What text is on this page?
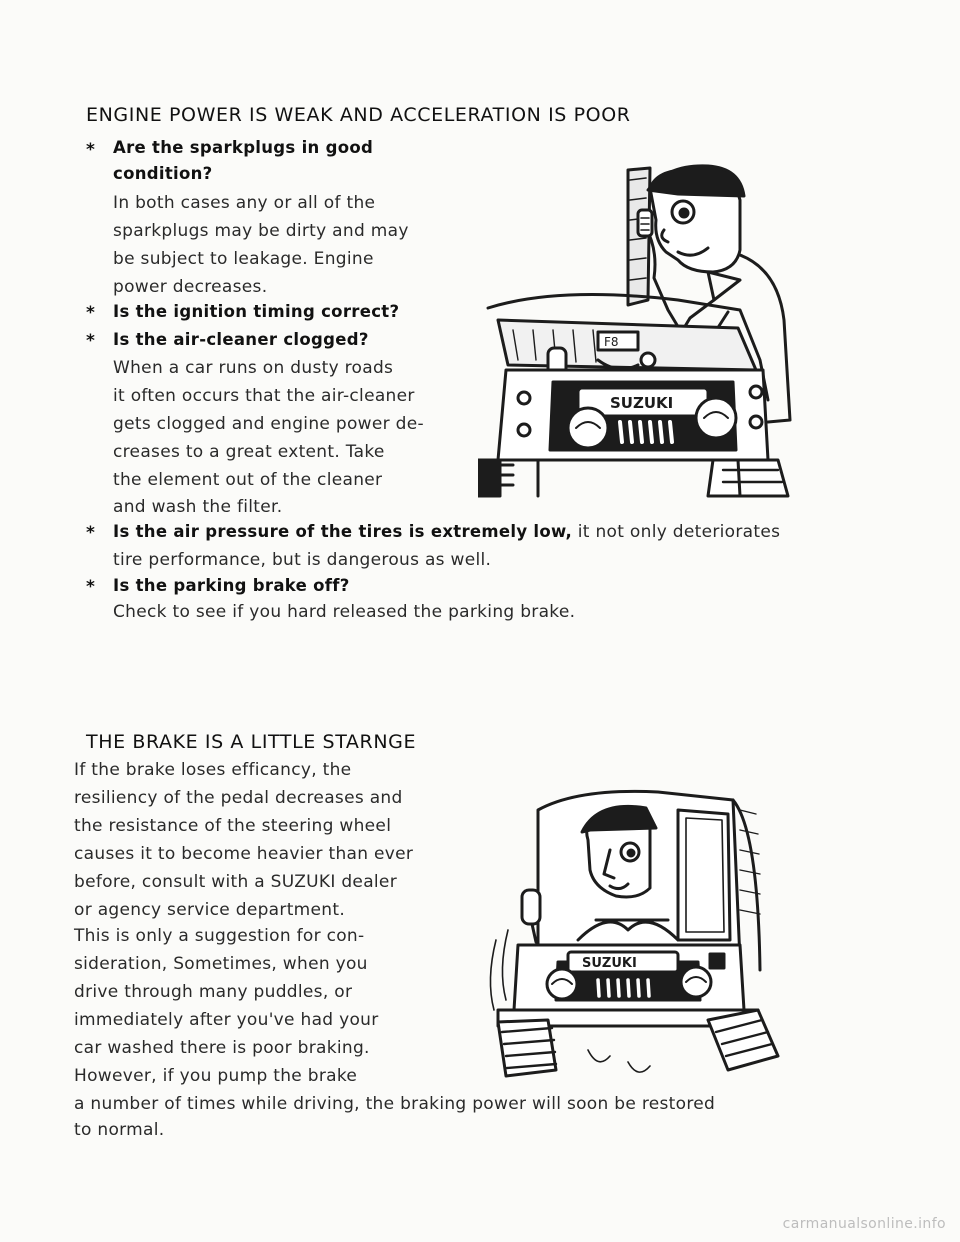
ENGINE POWER IS WEAK AND ACCELERATION IS POOR
* Are the sparkplugs in good
condition?
In both cases any or all of the
sparkplugs may be dirty and may
be subject to leakage. Engine
power decreases.
* Is the ignition timing correct?
* Is the air-cleaner clogged?
When a car runs on dusty roads
it often occurs that the air-cleaner
gets clogged and engine power de-
creases to a great extent. Take
the element out of the cleaner
and wash the filter.
* Is the air pressure of the tires is extremely low, it not only deteriorates
tire performance, but is dangerous as well.
* Is the parking brake off?
Check to see if you hard released the parking brake.
F8
SUZUKI
THE BRAKE IS A LITTLE STARNGE
If the brake loses efficancy, the
resiliency of the pedal decreases and
the resistance of the steering wheel
causes it to become heavier than ever
before, consult with a SUZUKI dealer
or agency service department.
This is only a suggestion for con-
sideration, Sometimes, when you
drive through many puddles, or
immediately after you've had your
car washed there is poor braking.
However, if you pump the brake
a number of times while driving, the braking power will soon be restored
to normal.
SUZUKI
carmanualsonline.info
